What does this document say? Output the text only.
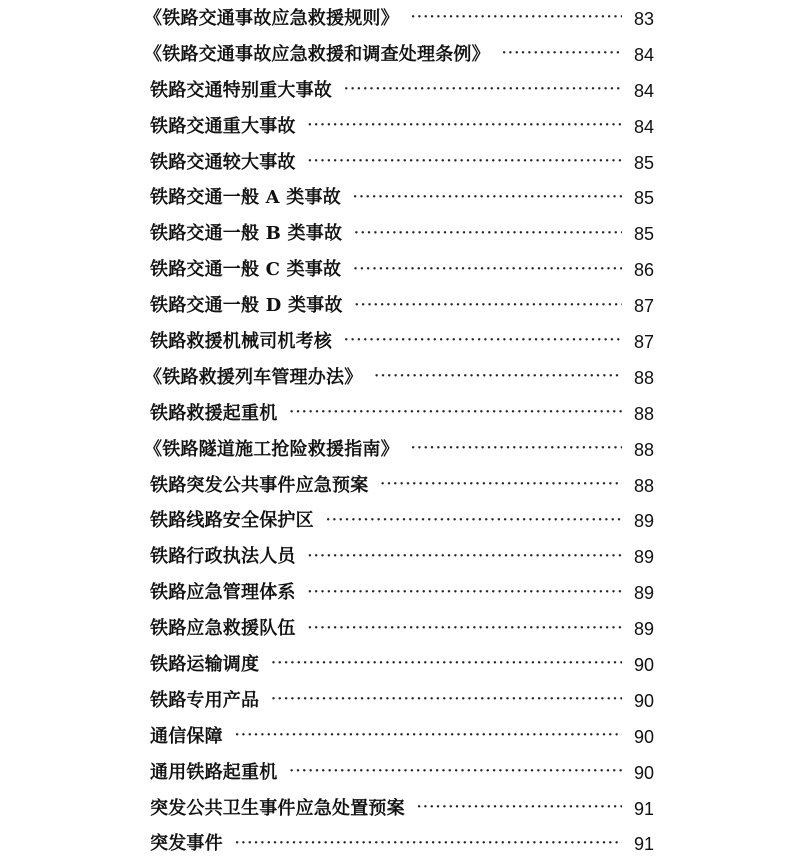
《铁路交通事故应急救援规则》 ·····	83
《铁路交通事故应急救援和调查处理条例》 ·····	84
铁路交通特别重大事故 ·····	84
铁路交通重大事故 ·····	84
铁路交通较大事故 ·····	85
铁路交通一般 A 类事故 ·····	85
铁路交通一般 B 类事故 ·····	85
铁路交通一般 C 类事故 ·····	86
铁路交通一般 D 类事故 ·····	87
铁路救援机械司机考核 ·····	87
《铁路救援列车管理办法》 ·····	88
铁路救援起重机 ·····	88
《铁路隧道施工抢险救援指南》 ·····	88
铁路突发公共事件应急预案 ·····	88
铁路线路安全保护区 ·····	89
铁路行政执法人员 ·····	89
铁路应急管理体系 ·····	89
铁路应急救援队伍 ·····	89
铁路运输调度 ·····	90
铁路专用产品 ·····	90
通信保障 ·····	90
通用铁路起重机 ·····	90
突发公共卫生事件应急处置预案 ·····	91
突发事件 ·····	91
